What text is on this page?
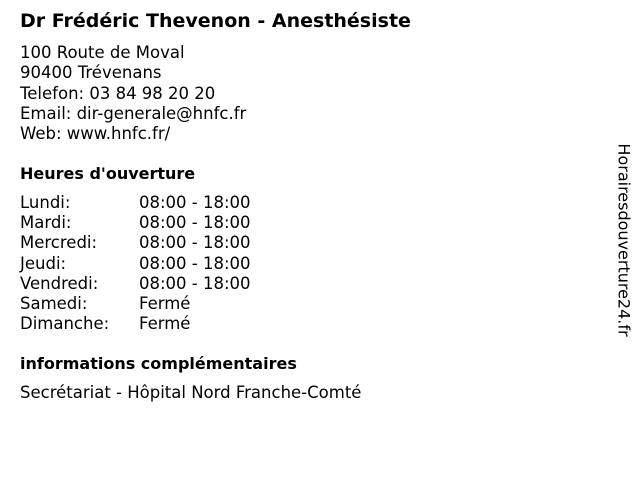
Dr Frédéric Thevenon - Anesthésiste
100 Route de Moval
90400 Trévenans
Telefon: 03 84 98 20 20
Email: dir-generale@hnfc.fr
Web: www.hnfc.fr/
Heures d'ouverture
Lundi:	08:00 - 18:00
Mardi:	08:00 - 18:00
Mercredi:	08:00 - 18:00
Jeudi:	08:00 - 18:00
Vendredi: 08:00 - 18:00
Samedi:	Fermé
Dimanche: Fermé
informations complémentaires
Secrétariat - Hôpital Nord Franche-Comté
Horairesdouverture24.fr
